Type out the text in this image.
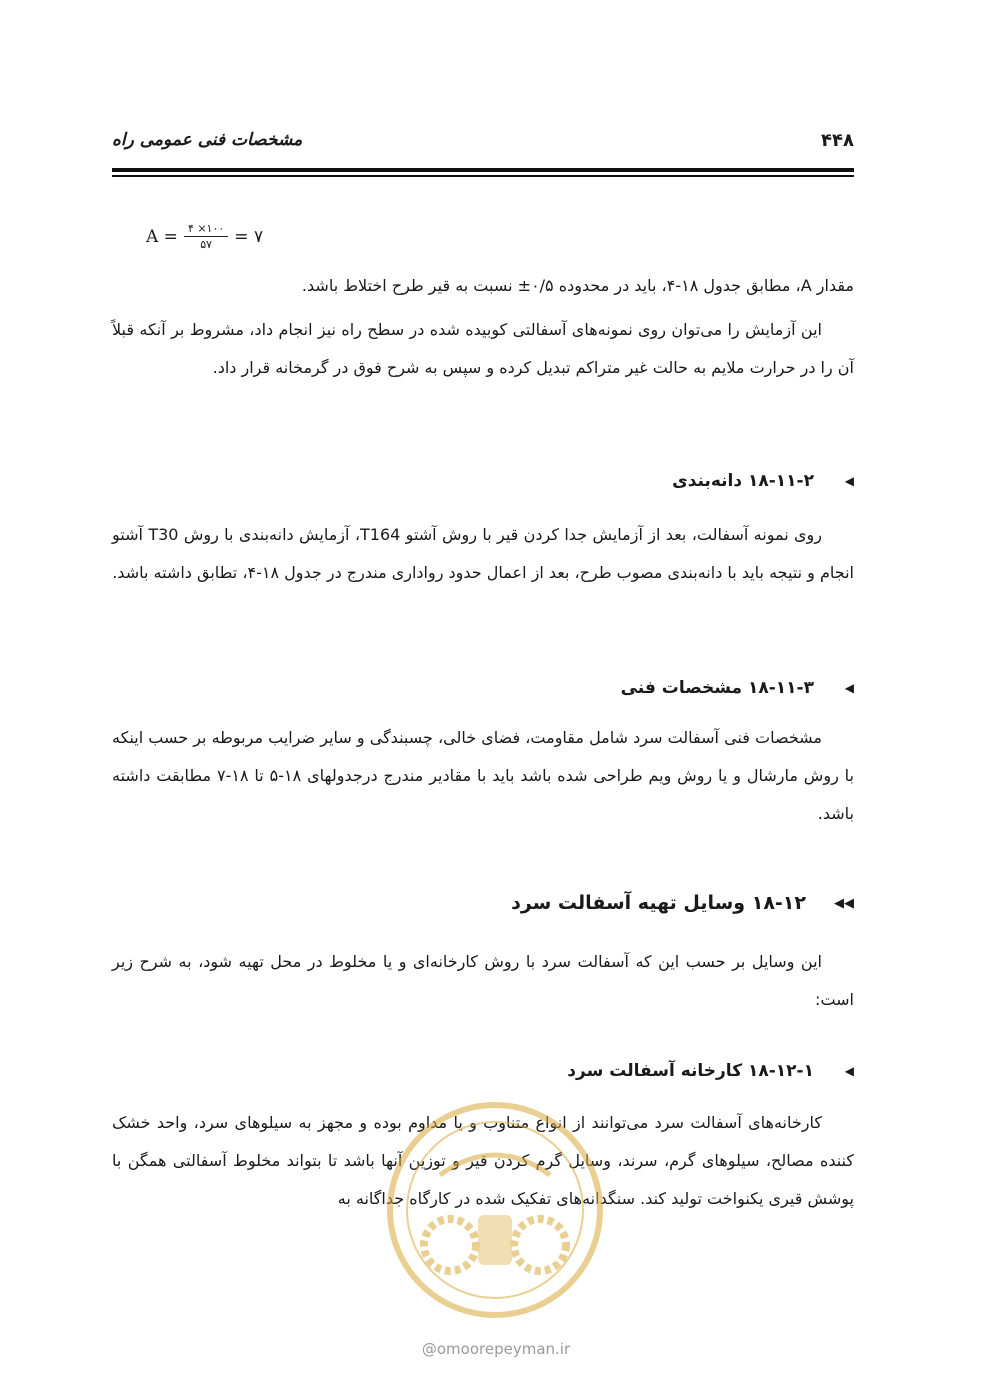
مشخصات فنی عمومی راه	۴۴۸
$A = \frac{۴ \times ۱۰۰}{۵۷}$ = ۷

مقدار A، مطابق جدول ۱۸-۴، باید در محدوده ۰/۵± نسبت به قیر طرح اختلاط باشد.

این آزمایش را می‌توان روی نمونه‌های آسفالتی کوبیده شده در سطح راه نیز انجام داد، مشروط بر آنکه قبلاً آن را در حرارت ملایم به حالت غیر متراکم تبدیل کرده و سپس به شرح فوق در گرمخانه قرار داد.

◀
۱۸-۱۱-۲ دانه‌بندی

روی نمونه آسفالت، بعد از آزمایش جدا کردن قیر با روش آشتو T164، آزمایش دانه‌بندی با روش T30 آشتو انجام و نتیجه باید با دانه‌بندی مصوب طرح، بعد از اعمال حدود رواداری مندرج در جدول ۱۸-۴، تطابق داشته باشد.

◀
۱۸-۱۱-۳ مشخصات فنی

مشخصات فنی آسفالت سرد شامل مقاومت، فضای خالی، چسبندگی و سایر ضرایب مربوطه بر حسب اینکه با روش مارشال و یا روش ویم طراحی شده باشد باید با مقادیر مندرج درجدولهای ۱۸-۵ تا ۱۸-۷ مطابقت داشته باشد.

◀◀
۱۸-۱۲ وسایل تهیه آسفالت سرد

این وسایل بر حسب این که آسفالت سرد با روش کارخانه‌ای و یا مخلوط در محل تهیه شود، به شرح زیر است:

◀
۱۸-۱۲-۱ کارخانه آسفالت سرد

کارخانه‌های آسفالت سرد می‌توانند از انواع متناوب و یا مداوم بوده و مجهز به سیلوهای سرد، واحد خشک کننده مصالح، سیلوهای گرم، سرند، وسایل گرم کردن قیر و توزین آنها باشد تا بتواند مخلوط آسفالتی همگن با پوشش قیری یکنواخت تولید کند. سنگدانه‌های تفکیک شده در کارگاه جداگانه به

@omoorepeyman.ir
